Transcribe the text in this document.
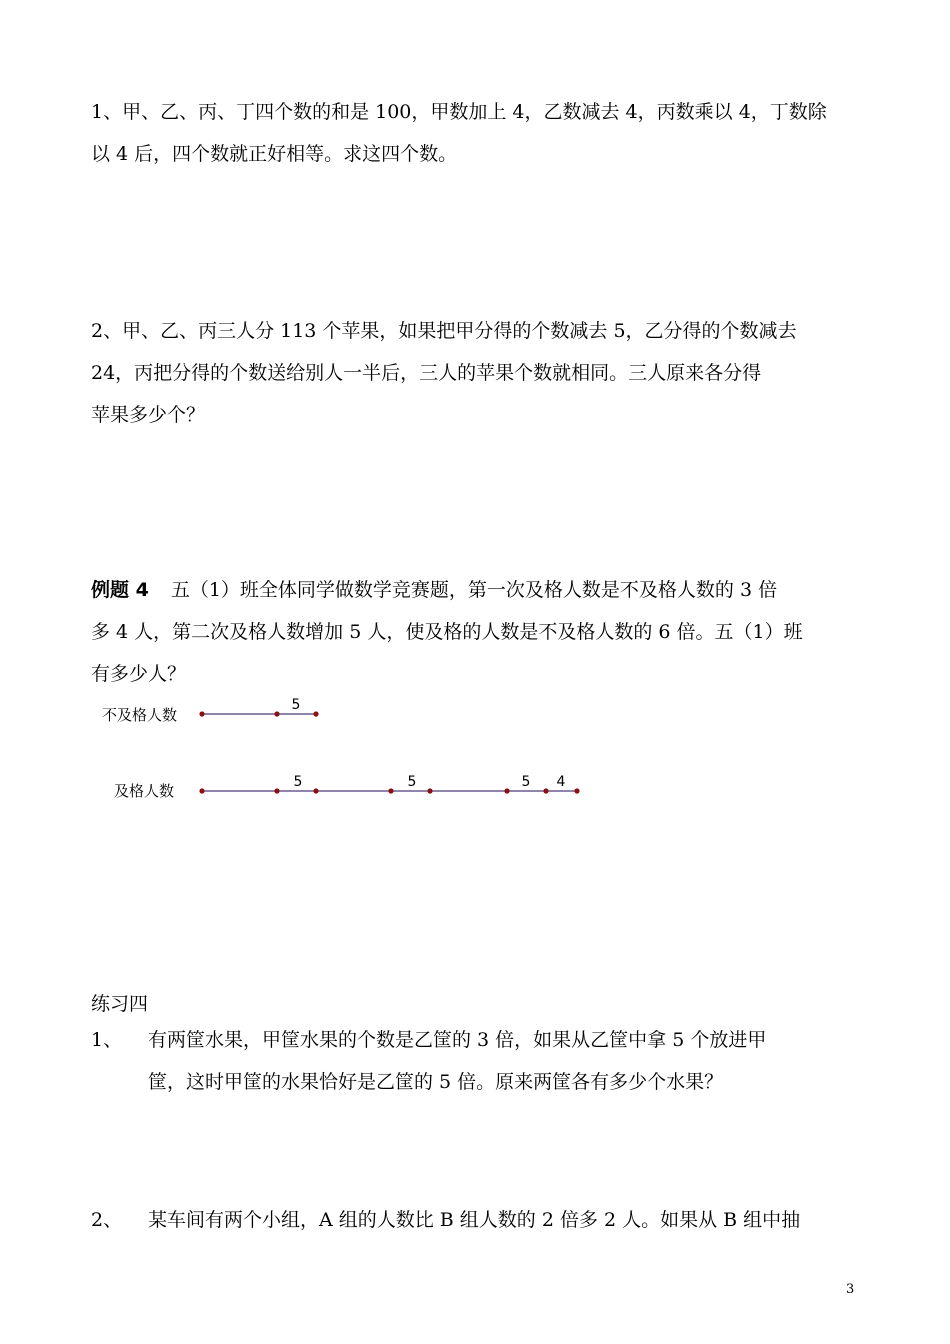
1、甲、乙、丙、丁四个数的和是 100，甲数加上 4，乙数减去 4，丙数乘以 4，丁数除

以 4 后，四个数就正好相等。求这四个数。

2、甲、乙、丙三人分 113 个苹果，如果把甲分得的个数减去 5，乙分得的个数减去

24，丙把分得的个数送给别人一半后，三人的苹果个数就相同。三人原来各分得

苹果多少个？

例题 4 五（1）班全体同学做数学竞赛题，第一次及格人数是不及格人数的 3 倍

多 4 人，第二次及格人数增加 5 人，使及格的人数是不及格人数的 6 倍。五（1）班

有多少人？

不及格人数
及格人数
5
5	5	5 4

练习四

1、 有两筐水果，甲筐水果的个数是乙筐的 3 倍，如果从乙筐中拿 5 个放进甲
筐，这时甲筐的水果恰好是乙筐的 5 倍。原来两筐各有多少个水果？
2、 某车间有两个小组，A 组的人数比 B 组人数的 2 倍多 2 人。如果从 B 组中抽
3
